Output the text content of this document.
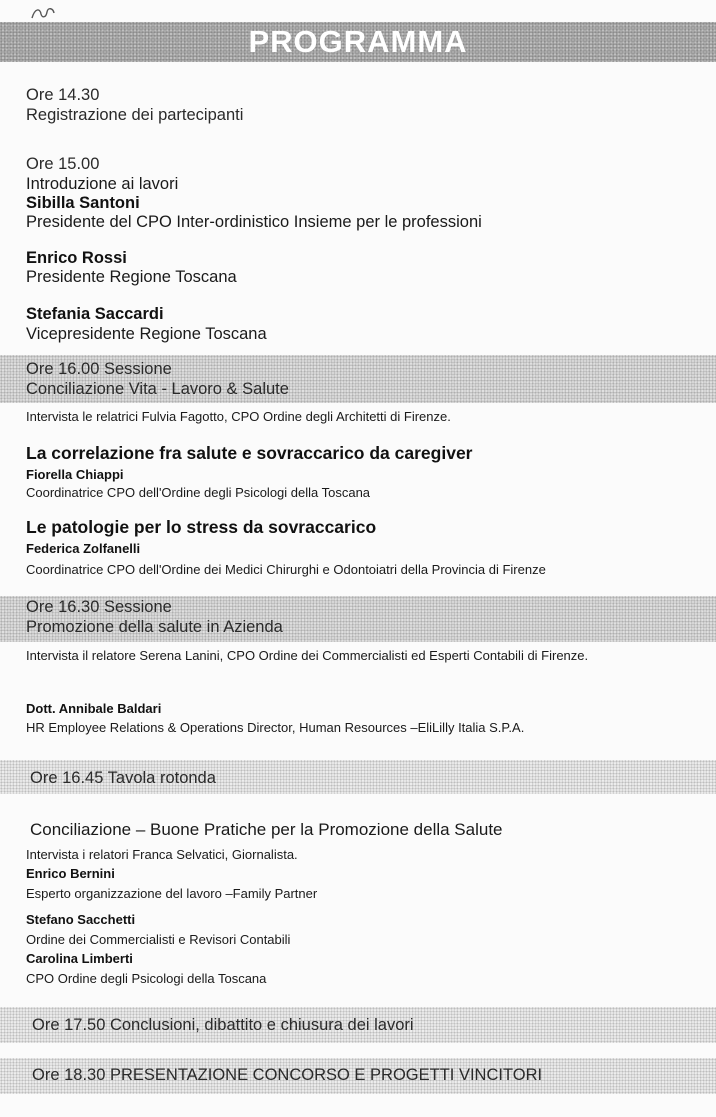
PROGRAMMA
Ore 14.30
Registrazione dei partecipanti
Ore 15.00
Introduzione ai lavori
Sibilla Santoni
Presidente del CPO Inter-ordinistico Insieme per le professioni
Enrico Rossi
Presidente Regione Toscana
Stefania Saccardi
Vicepresidente Regione Toscana
Ore 16.00 Sessione
Conciliazione Vita - Lavoro & Salute
Intervista le relatrici Fulvia Fagotto, CPO Ordine degli Architetti di Firenze.
La correlazione fra salute e sovraccarico da caregiver
Fiorella Chiappi
Coordinatrice CPO dell'Ordine degli Psicologi della Toscana
Le patologie per lo stress da sovraccarico
Federica Zolfanelli
Coordinatrice CPO dell'Ordine dei Medici Chirurghi e Odontoiatri della Provincia di Firenze
Ore 16.30 Sessione
Promozione della salute in Azienda
Intervista il relatore Serena Lanini, CPO Ordine dei Commercialisti ed Esperti Contabili di Firenze.
Dott. Annibale Baldari
HR Employee Relations & Operations Director, Human Resources –EliLilly Italia S.P.A.
Ore 16.45 Tavola rotonda
Conciliazione – Buone Pratiche per la Promozione della Salute
Intervista i relatori Franca Selvatici, Giornalista.
Enrico Bernini
Esperto organizzazione del lavoro –Family Partner
Stefano Sacchetti
Ordine dei Commercialisti e Revisori Contabili
Carolina Limberti
CPO Ordine degli Psicologi della Toscana
Ore 17.50 Conclusioni, dibattito e chiusura dei lavori
Ore 18.30 PRESENTAZIONE CONCORSO E PROGETTI VINCITORI
